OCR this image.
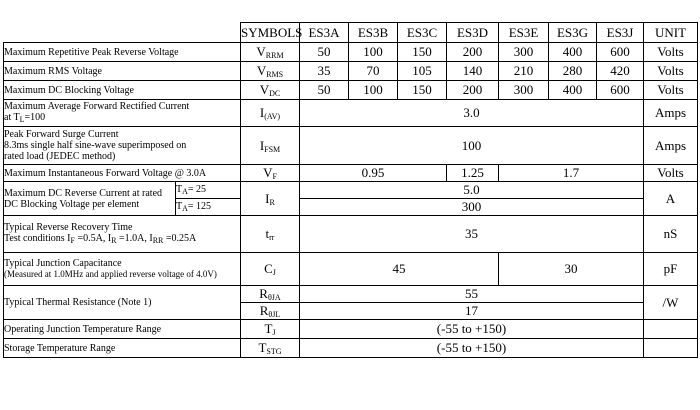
		SYMBOLS	ES3A	ES3B	ES3C	ES3D	ES3E	ES3G	ES3J	UNIT
Maximum Repetitive Peak Reverse Voltage		$V_{RRM}$	50	100	150	200	300	400	600	Volts
Maximum RMS Voltage		$V_{RMS}$	35	70	105	140	210	280	420	Volts
Maximum DC Blocking Voltage		$V_{DC}$	50	100	150	200	300	400	600	Volts

Maximum Average Forward Rectified Current
at $T_L=100$		$I_{(AV)}$	3.0							Amps

Peak Forward Surge Current
8.3ms single half sine-wave superimposed on
rated load (JEDEC method)		$I_{FSM}$	100							Amps
Maximum Instantaneous Forward Voltage @ 3.0A		$V_F$	0.95			1.25	1.7			Volts

Maximum DC Reverse Current at rated
DC Blocking Voltage per element	$T_A= 25$	$I_R$	5.0							A
	$T_A= 125$		300							

Typical Reverse Recovery Time
Test conditions $I_F =0.5A$, $I_R =1.0A$, $I_{RR} =0.25A$		$t_{rr}$	35							nS

Typical Junction Capacitance
(Measured at 1.0MHz and applied reverse voltage of 4.0V)		$C_J$	45				30			pF
Typical Thermal Resistance (Note 1)		$R_{\theta JA}$	55							/W
		$R_{\theta JL}$	17							
Operating Junction Temperature Range		$T_J$	(-55 to +150)							
Storage Temperature Range		$T_{STG}$	(-55 to +150)							
